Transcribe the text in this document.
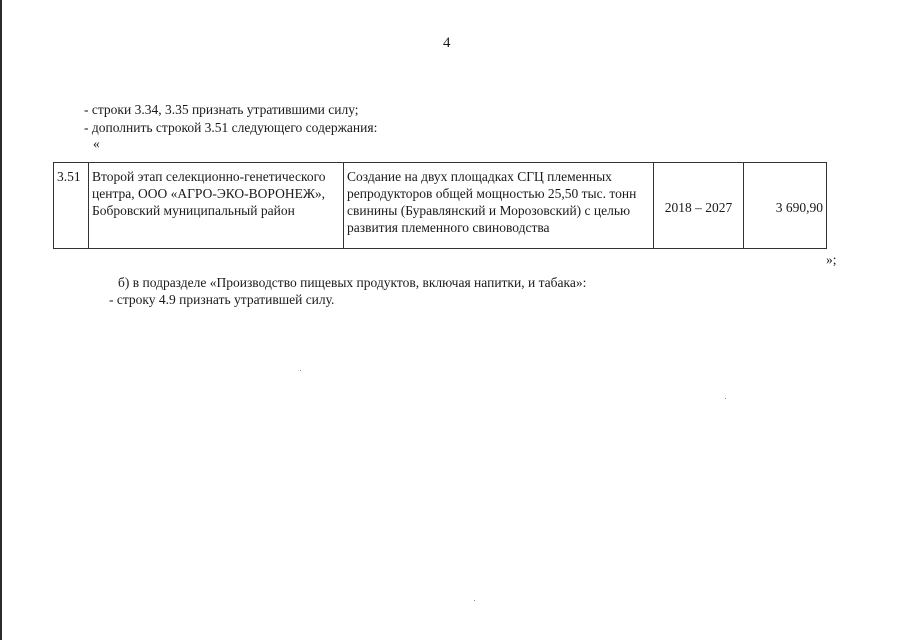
4
- строки 3.34, 3.35 признать утратившими силу;
- дополнить строкой 3.51 следующего содержания:
«
3.51	Второй этап селекционно-генетического центра, ООО «АГРО-ЭКО-ВОРОНЕЖ», Бобровский муниципальный район	Создание на двух площадках СГЦ племенных репродукторов общей мощностью 25,50 тыс. тонн свинины (Буравлянский и Морозовский) с целью развития племенного свиноводства	2018 – 2027	3 690,90
»;
б) в подразделе «Производство пищевых продуктов, включая напитки, и табака»:
- строку 4.9 признать утратившей силу.
